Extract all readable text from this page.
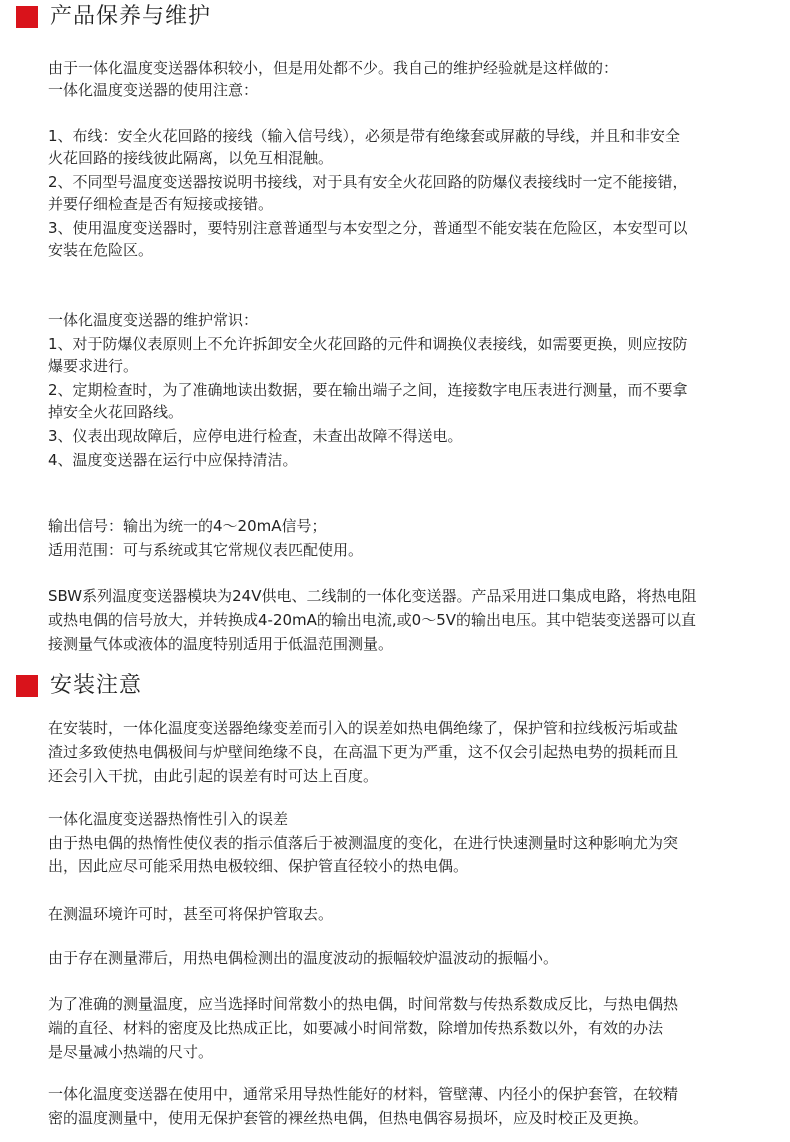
产品保养与维护

由于一体化温度变送器体积较小，但是用处都不少。我自己的维护经验就是这样做的：

一体化温度变送器的使用注意：

1、布线：安全火花回路的接线（输入信号线），必须是带有绝缘套或屏蔽的导线，并且和非安全

火花回路的接线彼此隔离，以免互相混触。

2、不同型号温度变送器按说明书接线，对于具有安全火花回路的防爆仪表接线时一定不能接错，

并要仔细检查是否有短接或接错。

3、使用温度变送器时，要特别注意普通型与本安型之分，普通型不能安装在危险区，本安型可以

安装在危险区。

一体化温度变送器的维护常识：

1、对于防爆仪表原则上不允许拆卸安全火花回路的元件和调换仪表接线，如需要更换，则应按防

爆要求进行。

2、定期检查时，为了准确地读出数据，要在输出端子之间，连接数字电压表进行测量，而不要拿

掉安全火花回路线。

3、仪表出现故障后，应停电进行检查，未查出故障不得送电。

4、温度变送器在运行中应保持清洁。

输出信号：输出为统一的4～20mA信号；

适用范围：可与系统或其它常规仪表匹配使用。

SBW系列温度变送器模块为24V供电、二线制的一体化变送器。产品采用进口集成电路，将热电阻

或热电偶的信号放大，并转换成4-20mA的输出电流,或0～5V的输出电压。其中铠装变送器可以直

接测量气体或液体的温度特别适用于低温范围测量。

安装注意

在安装时，一体化温度变送器绝缘变差而引入的误差如热电偶绝缘了，保护管和拉线板污垢或盐

渣过多致使热电偶极间与炉壁间绝缘不良，在高温下更为严重，这不仅会引起热电势的损耗而且

还会引入干扰，由此引起的误差有时可达上百度。

一体化温度变送器热惰性引入的误差

由于热电偶的热惰性使仪表的指示值落后于被测温度的变化，在进行快速测量时这种影响尤为突

出，因此应尽可能采用热电极较细、保护管直径较小的热电偶。

在测温环境许可时，甚至可将保护管取去。

由于存在测量滞后，用热电偶检测出的温度波动的振幅较炉温波动的振幅小。

为了准确的测量温度，应当选择时间常数小的热电偶，时间常数与传热系数成反比，与热电偶热

端的直径、材料的密度及比热成正比，如要减小时间常数，除增加传热系数以外，有效的办法

是尽量减小热端的尺寸。

一体化温度变送器在使用中，通常采用导热性能好的材料，管壁薄、内径小的保护套管，在较精

密的温度测量中，使用无保护套管的裸丝热电偶，但热电偶容易损坏，应及时校正及更换。
